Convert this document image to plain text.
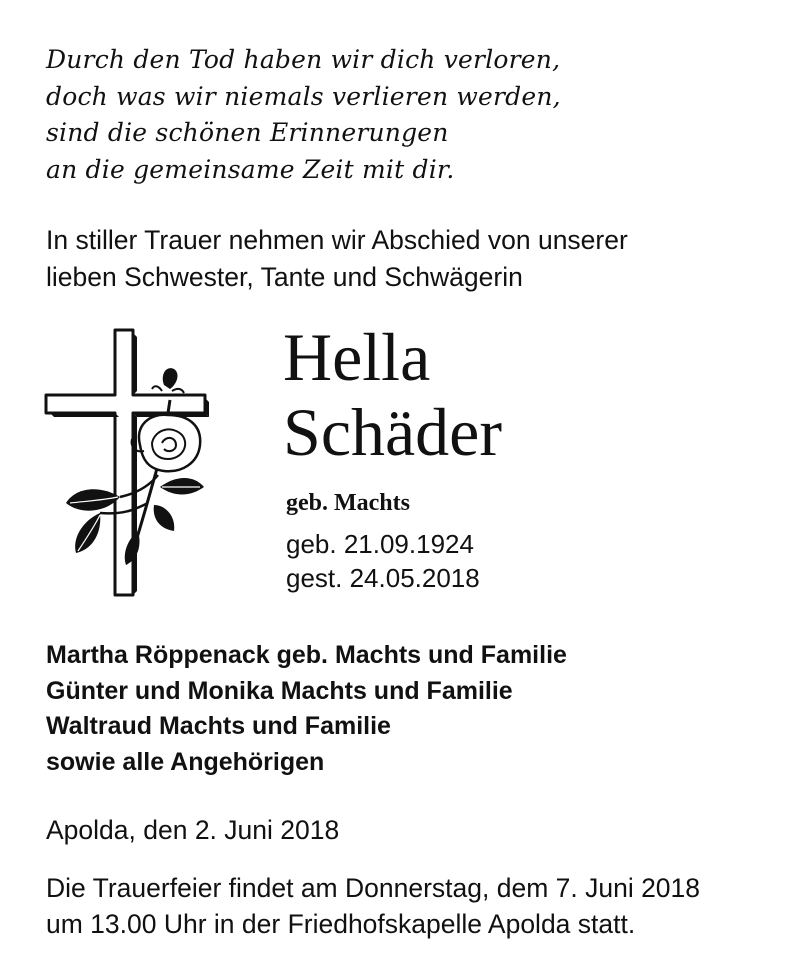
Durch den Tod haben wir dich verloren,
doch was wir niemals verlieren werden,
sind die schönen Erinnerungen
an die gemeinsame Zeit mit dir.
In stiller Trauer nehmen wir Abschied von unserer
lieben Schwester, Tante und Schwägerin
Hella
Schäder
geb. Machts
geb. 21.09.1924
gest. 24.05.2018
Martha Röppenack geb. Machts und Familie
Günter und Monika Machts und Familie
Waltraud Machts und Familie
sowie alle Angehörigen
Apolda, den 2. Juni 2018
Die Trauerfeier findet am Donnerstag, dem 7. Juni 2018
um 13.00 Uhr in der Friedhofskapelle Apolda statt.
